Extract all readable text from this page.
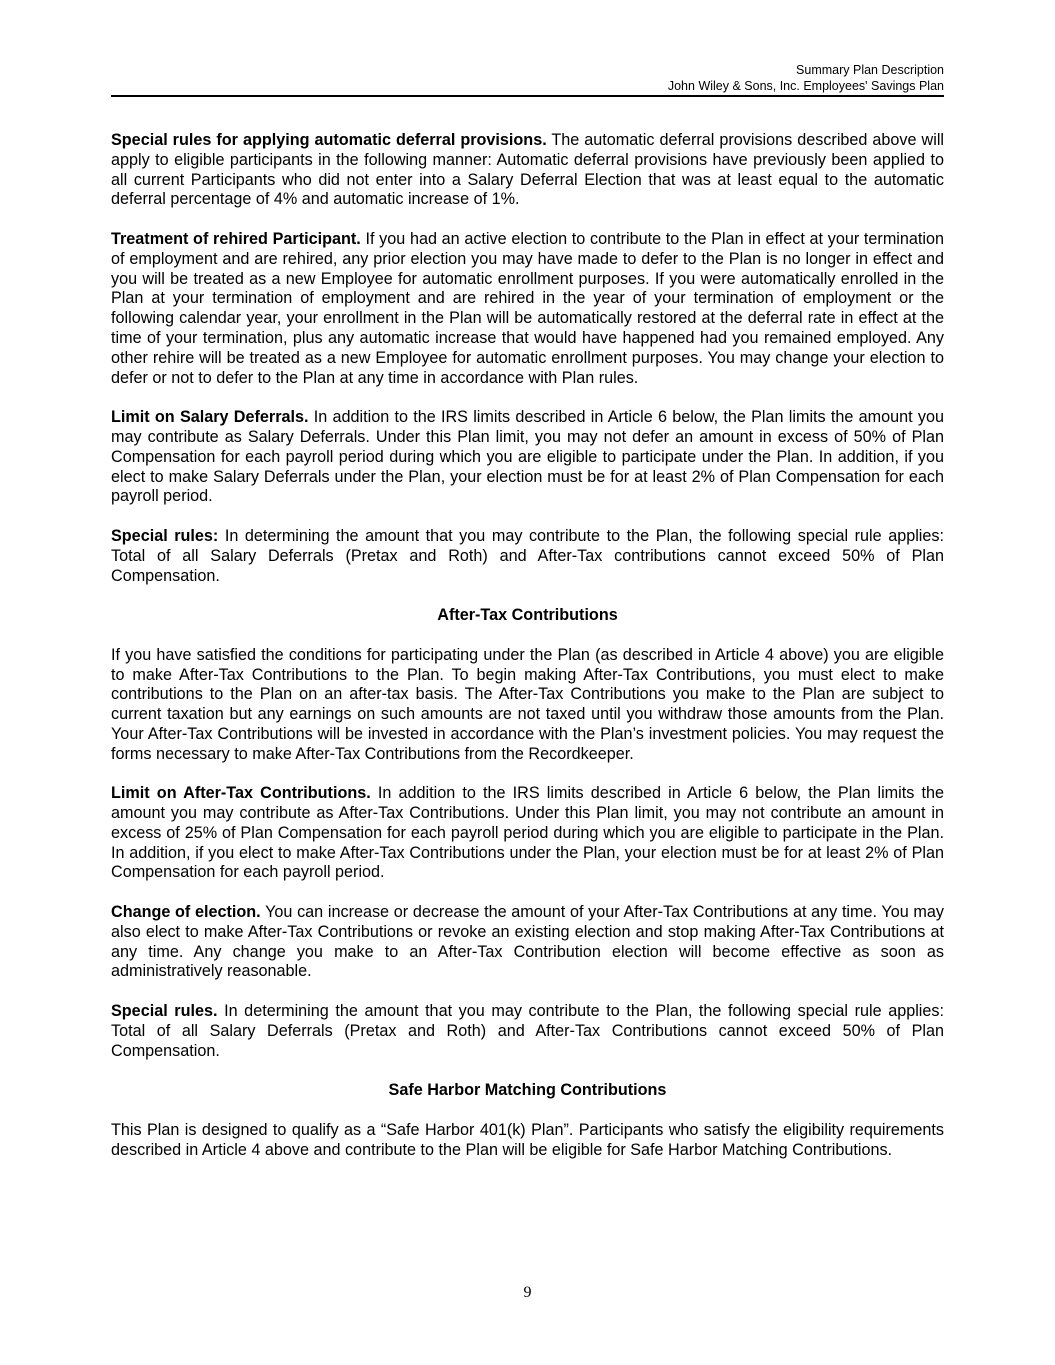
Summary Plan Description
John Wiley & Sons, Inc. Employees' Savings Plan

Special rules for applying automatic deferral provisions. The automatic deferral provisions described above will apply to eligible participants in the following manner: Automatic deferral provisions have previously been applied to all current Participants who did not enter into a Salary Deferral Election that was at least equal to the automatic deferral percentage of 4% and automatic increase of 1%.

Treatment of rehired Participant. If you had an active election to contribute to the Plan in effect at your termination of employment and are rehired, any prior election you may have made to defer to the Plan is no longer in effect and you will be treated as a new Employee for automatic enrollment purposes. If you were automatically enrolled in the Plan at your termination of employment and are rehired in the year of your termination of employment or the following calendar year, your enrollment in the Plan will be automatically restored at the deferral rate in effect at the time of your termination, plus any automatic increase that would have happened had you remained employed. Any other rehire will be treated as a new Employee for automatic enrollment purposes. You may change your election to defer or not to defer to the Plan at any time in accordance with Plan rules.

Limit on Salary Deferrals. In addition to the IRS limits described in Article 6 below, the Plan limits the amount you may contribute as Salary Deferrals. Under this Plan limit, you may not defer an amount in excess of 50% of Plan Compensation for each payroll period during which you are eligible to participate under the Plan. In addition, if you elect to make Salary Deferrals under the Plan, your election must be for at least 2% of Plan Compensation for each payroll period.

Special rules: In determining the amount that you may contribute to the Plan, the following special rule applies: Total of all Salary Deferrals (Pretax and Roth) and After-Tax contributions cannot exceed 50% of Plan Compensation.

After-Tax Contributions

If you have satisfied the conditions for participating under the Plan (as described in Article 4 above) you are eligible to make After-Tax Contributions to the Plan. To begin making After-Tax Contributions, you must elect to make contributions to the Plan on an after-tax basis. The After-Tax Contributions you make to the Plan are subject to current taxation but any earnings on such amounts are not taxed until you withdraw those amounts from the Plan. Your After-Tax Contributions will be invested in accordance with the Plan’s investment policies. You may request the forms necessary to make After-Tax Contributions from the Recordkeeper.

Limit on After-Tax Contributions. In addition to the IRS limits described in Article 6 below, the Plan limits the amount you may contribute as After-Tax Contributions. Under this Plan limit, you may not contribute an amount in excess of 25% of Plan Compensation for each payroll period during which you are eligible to participate in the Plan. In addition, if you elect to make After-Tax Contributions under the Plan, your election must be for at least 2% of Plan Compensation for each payroll period.

Change of election. You can increase or decrease the amount of your After-Tax Contributions at any time. You may also elect to make After-Tax Contributions or revoke an existing election and stop making After-Tax Contributions at any time. Any change you make to an After-Tax Contribution election will become effective as soon as administratively reasonable.

Special rules. In determining the amount that you may contribute to the Plan, the following special rule applies: Total of all Salary Deferrals (Pretax and Roth) and After-Tax Contributions cannot exceed 50% of Plan Compensation.

Safe Harbor Matching Contributions

This Plan is designed to qualify as a “Safe Harbor 401(k) Plan”. Participants who satisfy the eligibility requirements described in Article 4 above and contribute to the Plan will be eligible for Safe Harbor Matching Contributions.

9
